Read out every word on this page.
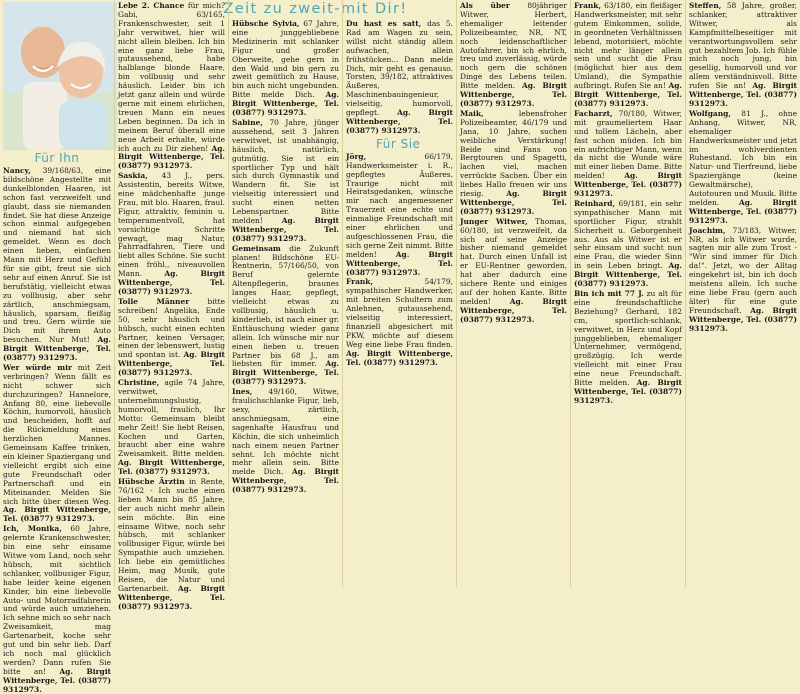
Zeit zu zweit-mit Dir!
Für Ihn

Nancy, 39/168/63, eine bildschöne Angestellte mit dunkelblonden Haaren, ist schon fast verzweifelt und glaubt, dass sie niemanden findet. Sie hat diese Anzeige schon einmal aufgegeben und niemand hat sich gemeldet. Wenn es doch einen lieben, einfachen Mann mit Herz und Gefühl für sie gibt, freut sie sich sehr auf einen Anruf. Sie ist berufstätig, vielleicht etwas zu vollbusig, aber sehr zärtlich, anschmiegsam, häuslich, sparsam, fleißig und treu. Gern würde sie Dich mit ihrem Auto besuchen. Nur Mut! Ag. Birgit Wittenberge, Tel. (03877) 9312973.

Wer würde mir mit Zeit verbringen? Wenn fällt es nicht schwer sich durchzuringen? Hannelore, Anfang 80, eine liebevolle Köchin, humorvoll, häuslich und bescheiden, hofft auf die Rückmeldung eines herzlichen Mannes. Gemeinsam Kaffee trinken, ein kleiner Spaziergang und vielleicht ergibt sich eine gute Freundschaft oder Partnerschaft und ein Miteinander. Melden Sie sich bitte über diesen Weg. Ag. Birgit Wittenberge, Tel. (03877) 9312973.

Ich, Monika, 60 Jahre, gelernte Krankenschwester, bin eine sehr einsame Witwe vom Land, noch sehr hübsch, mit sichtlich schlanker, vollbusiger Figur, habe leider keine eigenen Kinder, bin eine liebevolle Auto- und Motorradfahrerin und würde auch umziehen. Ich sehne mich so sehr nach Zweisamkeit, mag Gartenarbeit, koche sehr gut und bin sehr lieb. Darf ich noch mal glücklich werden? Dann rufen Sie bitte an! Ag. Birgit Wittenberge, Tel. (03877) 9312973.

Lebe 2. Chance für mich? Gabi, 63/165, Frankenschwester, seit 1 Jahr verwitwet, hier will nicht allein bleiben. Ich bin eine ganz liebe Frau, gutaussehend, habe halblange blonde Haare, bin vollbusig und sehr häuslich. Leider bin ich jetzt ganz allein und würde gerne mit einem ehrlichen, treuen Mann ein neues Leben beginnen. Da ich in meinem Beruf überall eine neue Arbeit erhalte, würde ich auch zu Dir ziehen! Ag. Birgit Wittenberge, Tel. (03877) 9312973.

Saskia, 43 J., pers. Assistentin, bereits Witwe, eine mädchenhafte junge Frau, mit blo. Haaren, fraul. Figur, attraktiv, feminin u. temperamentvoll, hat vorsichtige Schritte gewagt, mag Natur, Fahrradfahren, Tiere und liebt alles Schöne. Sie sucht einen fröhl., niveauvollen Mann.	Ag. Birgit Wittenberge, Tel. (03877) 9312973.

Tolle Männer bitte schreiben! Angelika, Ende 50, sehr häuslich und hübsch, sucht einen echten Partner, keinen Versager, einen der lebenswert, lustig und spontan ist. Ag. Birgit Wittenberge, Tel. (03877) 9312973.

Christine, agile 74 Jahre, verwitwet, unternehmungslustig, humorvoll, fraulich, Ihr Motto: Gemeinsam bleibt mehr Zeit! Sie liebt Reisen, Kochen und Garten, braucht aber eine wahre Zweisamkeit. Bitte melden. Ag. Birgit Wittenberge, Tel. (03877) 9312973.

Hübsche Ärztin in Rente, 76/162 - Ich suche einen lieben Mann bis 85 Jahre, der auch nicht mehr allein sein möchte. Bin eine einsame Witwe, noch sehr hübsch, mit schlanker vollbusiger Figur, würde bei Sympathie auch umziehen. Ich liebe ein gemütliches Heim, mag Musik, gute Reisen, die Natur und Gartenarbeit. Ag. Birgit Wittenberge, Tel. (03877) 9312973.

Hübsche Sylvia, 67 Jahre, eine junggebliebene Medizinerin mit schlanker Figur und großer Oberweite, gehe gern in den Wald und bin gern zu zweit gemütlich zu Hause, bin auch nicht ungebunden. Bitte melde Dich. Ag. Birgit Wittenberge, Tel. (03877) 9312973.

Sabine, 70 Jahre, jünger aussehend, seit 3 Jahren verwitwet, ist unabhängig, häuslich, natürlich, gutmütig. Sie ist ein sportlicher Typ und hält sich durch Gymnastik und Wandern fit. Sie ist vielseitig interessiert und sucht einen netten Lebenspartner. Bitte melden!	Ag. Birgit Wittenberge, Tel. (03877) 9312973.

Gemeinsam die Zukunft planen! Bildschöne EU-Rentnerin, 57/166/50, von Beruf gelernte Altenpflegerin, braunes langes Haar, gepflegt, vielleicht etwas zu vollbusig, häuslich u. kinderlieb, ist nach einer gr. Enttäuschung wieder ganz allein. Ich wünsche mir nur einen lieben u. treuen Partner bis 68 J., am liebsten für immer. Ag. Birgit Wittenberge, Tel. (03877) 9312973.

Ines, 49/160, Witwe, fraulichschlanke Figur, lieb, sexy, zärtlich, anschmiegsam, eine sagenhafte Hausfrau und Köchin, die sich unheimlich nach einem neuen Partner sehnt. Ich möchte nicht mehr allein sein. Bitte melde Dich. Ag. Birgit Wittenberge, Tel. (03877) 9312973.

Du hast es satt, das 5. Rad am Wagen zu sein, willst nicht ständig allein aufwachen, allein frühstücken... Dann melde Dich, mir geht es genauso. Torsten, 39/182, attraktives Äußeres, Maschinenbauingenieur, vielseitig, humorvoll, gepflegt. Ag. Birgit Wittenberge, Tel. (03877) 9312973.

Für Sie

Jörg,	66/179, Handwerksmeister i. R., gepflegtes Äußeres. Traurige nicht mit Heiratsgedanken, wünsche mir nach angemessener Trauerzeit eine echte und einmalige Freundschaft mit einer ehrlichen und aufgeschlossenen Frau, die sich gerne Zeit nimmt. Bitte melden!	Ag. Birgit Wittenberge, Tel. (03877) 9312973.

Frank,	54/179, sympathischer Handwerker, mit breiten Schultern zum Anlehnen, gutaussehend, vielseitig interessiert, finanziell abgesichert mit PKW, möchte auf diesem Weg eine liebe Frau finden. Ag. Birgit Wittenberge, Tel. (03877) 9312973.

Als über 80jähriger Witwer, Herbert, ehemaliger leitender Polizeibeamter, NR, NT, noch leidenschaftlicher Autofahrer, bin ich ehrlich, treu und zuverlässig, würde noch gern die schönen Dinge des Lebens teilen. Bitte melden. Ag. Birgit Wittenberge, Tel. (03877) 9312973.

Maik,	lebensfroher Polizeibeamter, 46/179 und Jana, 10 Jahre, suchen weibliche Verstärkung! Beide sind Fans von Bergtouren und Spagetti, lachen viel, machen verrückte Sachen. Über ein liebes Hallo freuen wir uns riesig.	Ag. Birgit Wittenberge, Tel. (03877) 9312973.

Junger Witwer, Thomas, 60/180, ist verzweifelt, da sich auf seine Anzeige bisher niemand gemeldet hat. Durch einen Unfall ist er EU-Rentner geworden, hat aber dadurch eine sichere Rente und einiges auf der hohen Kante. Bitte melden!	Ag. Birgit Wittenberge, Tel. (03877) 9312973.

Frank, 63/180, ein fleißiger Handwerksmeister, mit sehr gutem Einkommen, solide, in geordneten Verhältnissen lebend, motorisiert, möchte nicht mehr länger allein sein und sucht die Frau (möglichst hier aus dem Umland), die Sympathie aufbringt. Rufen Sie an! Ag. Birgit Wittenberge, Tel. (03877) 9312973.

Facharzt, 70/180, Witwer, mit graumeliertem Haar und tollem Lächeln, aber fast schon müden. Ich bin ein aufrichtiger Mann, wenn da nicht die Wunde wäre mit einer lieben Dame. Bitte melden!	Ag. Birgit Wittenberge, Tel. (03877) 9312973.

Reinhard, 69/181, ein sehr sympathischer Mann mit sportlicher Figur, strahlt Sicherheit u. Geborgenheit aus. Aus als Witwer ist er sehr einsam und sucht nun eine Frau, die wieder Sinn in sein Leben bringt. Ag. Birgit Wittenberge, Tel. (03877) 9312973.

Bin ich mit 77 J. zu alt für eine freundschaftliche Beziehung? Gerhard, 182 cm, sportlich-schlank, verwitwet, in Herz und Kopf junggeblieben, ehemaliger Unternehmer, vermögend, großzügig. Ich werde vielleicht mit einer Frau eine neue Freundschaft. Bitte melden. Ag. Birgit Wittenberge, Tel. (03877) 9312973.

Steffen, 58 Jahre, großer, schlanker, attraktiver Witwer, als Kampfmittelbeseitiger mit verantwortungsvollem sehr gut bezahltem Job. Ich fühle mich noch jung, bin gesellig, humorvoll und vor allem verständnisvoll. Bitte rufen Sie an! Ag. Birgit Wittenberge, Tel. (03877) 9312973.

Wolfgang, 81 J., ohne Anhang, Witwer, NR, ehemaliger Handwerksmeister und jetzt im wohlverdienten Ruhestand. Ich bin ein Natur- und Tierfreund, liebe Spaziergänge (keine Gewaltmärsche), Autotouren und Musik. Bitte melden.	Ag. Birgit Wittenberge, Tel. (03877) 9312973.

Joachim, 73/183, Witwer, NR, als ich Witwer wurde, sagten mir alle zum Trost - "Wir sind immer für Dich da!". Jetzt, wo der Alltag eingekehrt ist, bin ich doch meistens allein. Ich suche eine liebe Frau (gern auch älter) für eine gute Freundschaft. Ag. Birgit Wittenberge, Tel. (03877) 9312973.
